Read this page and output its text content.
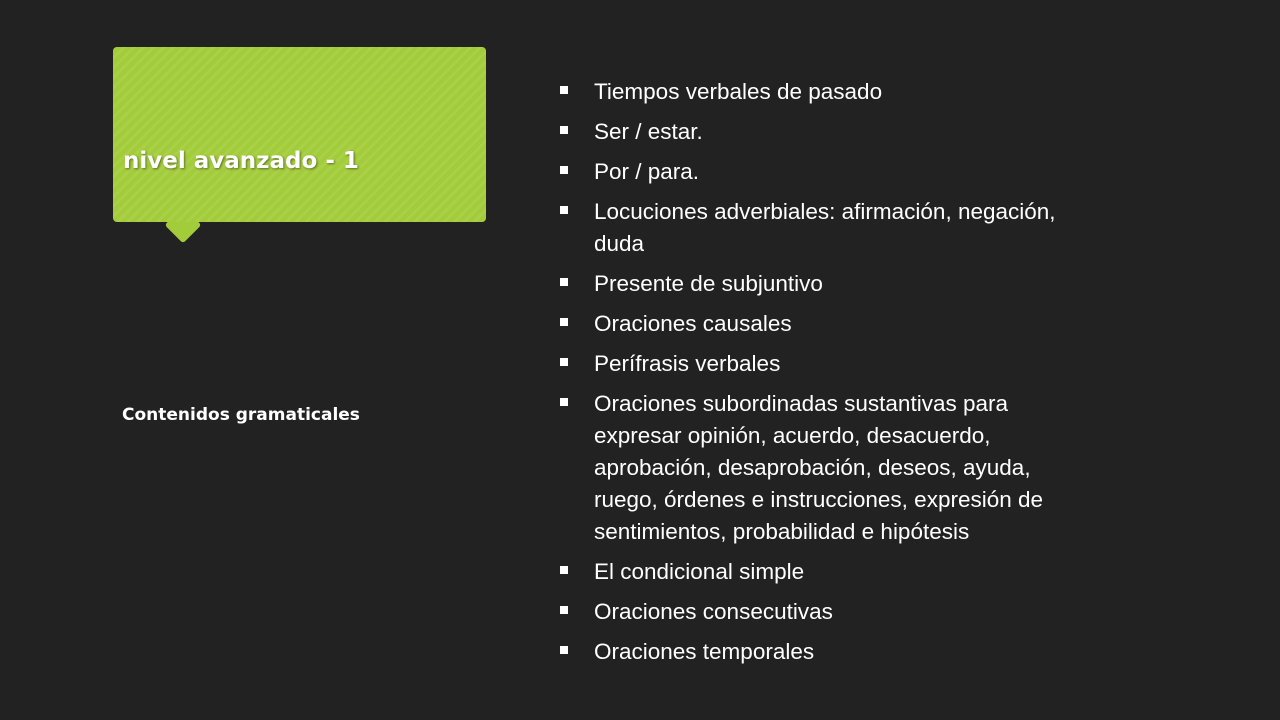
nivel avanzado - 1
Contenidos gramaticales
Tiempos verbales de pasado
Ser / estar.
Por / para.
Locuciones adverbiales: afirmación, negación, duda
Presente de subjuntivo
Oraciones causales
Perífrasis verbales
Oraciones subordinadas sustantivas para expresar opinión, acuerdo, desacuerdo, aprobación, desaprobación, deseos, ayuda, ruego, órdenes e instrucciones, expresión de sentimientos, probabilidad e hipótesis
El condicional simple
Oraciones consecutivas
Oraciones temporales
